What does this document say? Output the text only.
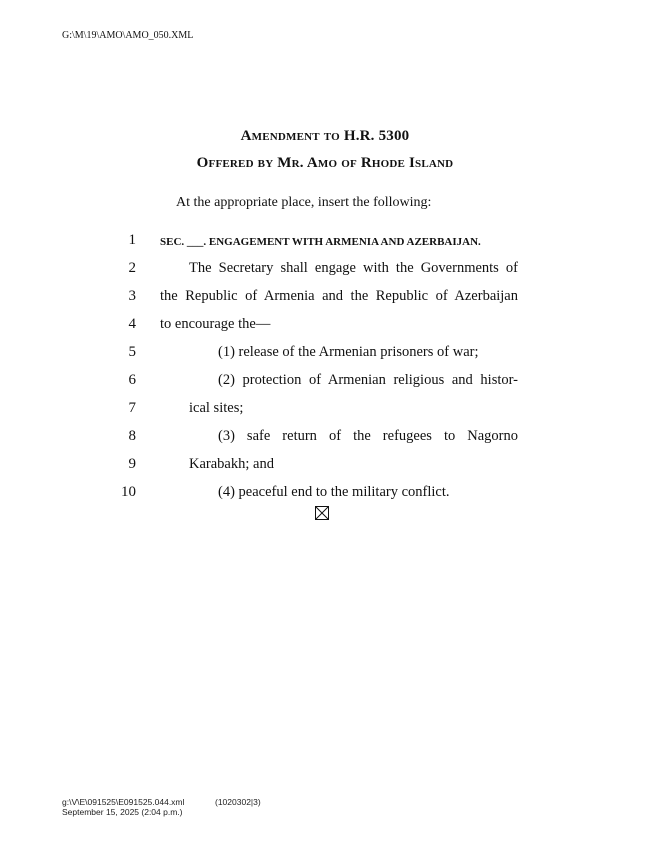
G:\M\19\AMO\AMO_050.XML
Amendment to H.R. 5300
Offered by Mr. Amo of Rhode Island
At the appropriate place, insert the following:
1 SEC. ___. ENGAGEMENT WITH ARMENIA AND AZERBAIJAN.
2	The Secretary shall engage with the Governments of
3 the Republic of Armenia and the Republic of Azerbaijan
4 to encourage the—
5	(1) release of the Armenian prisoners of war;
6	(2) protection of Armenian religious and histor-
7	ical sites;
8	(3) safe return of the refugees to Nagorno
9	Karabakh; and
10	(4) peaceful end to the military conflict.
g:\V\E\091525\E091525.044.xml	(1020302|3)
September 15, 2025 (2:04 p.m.)
